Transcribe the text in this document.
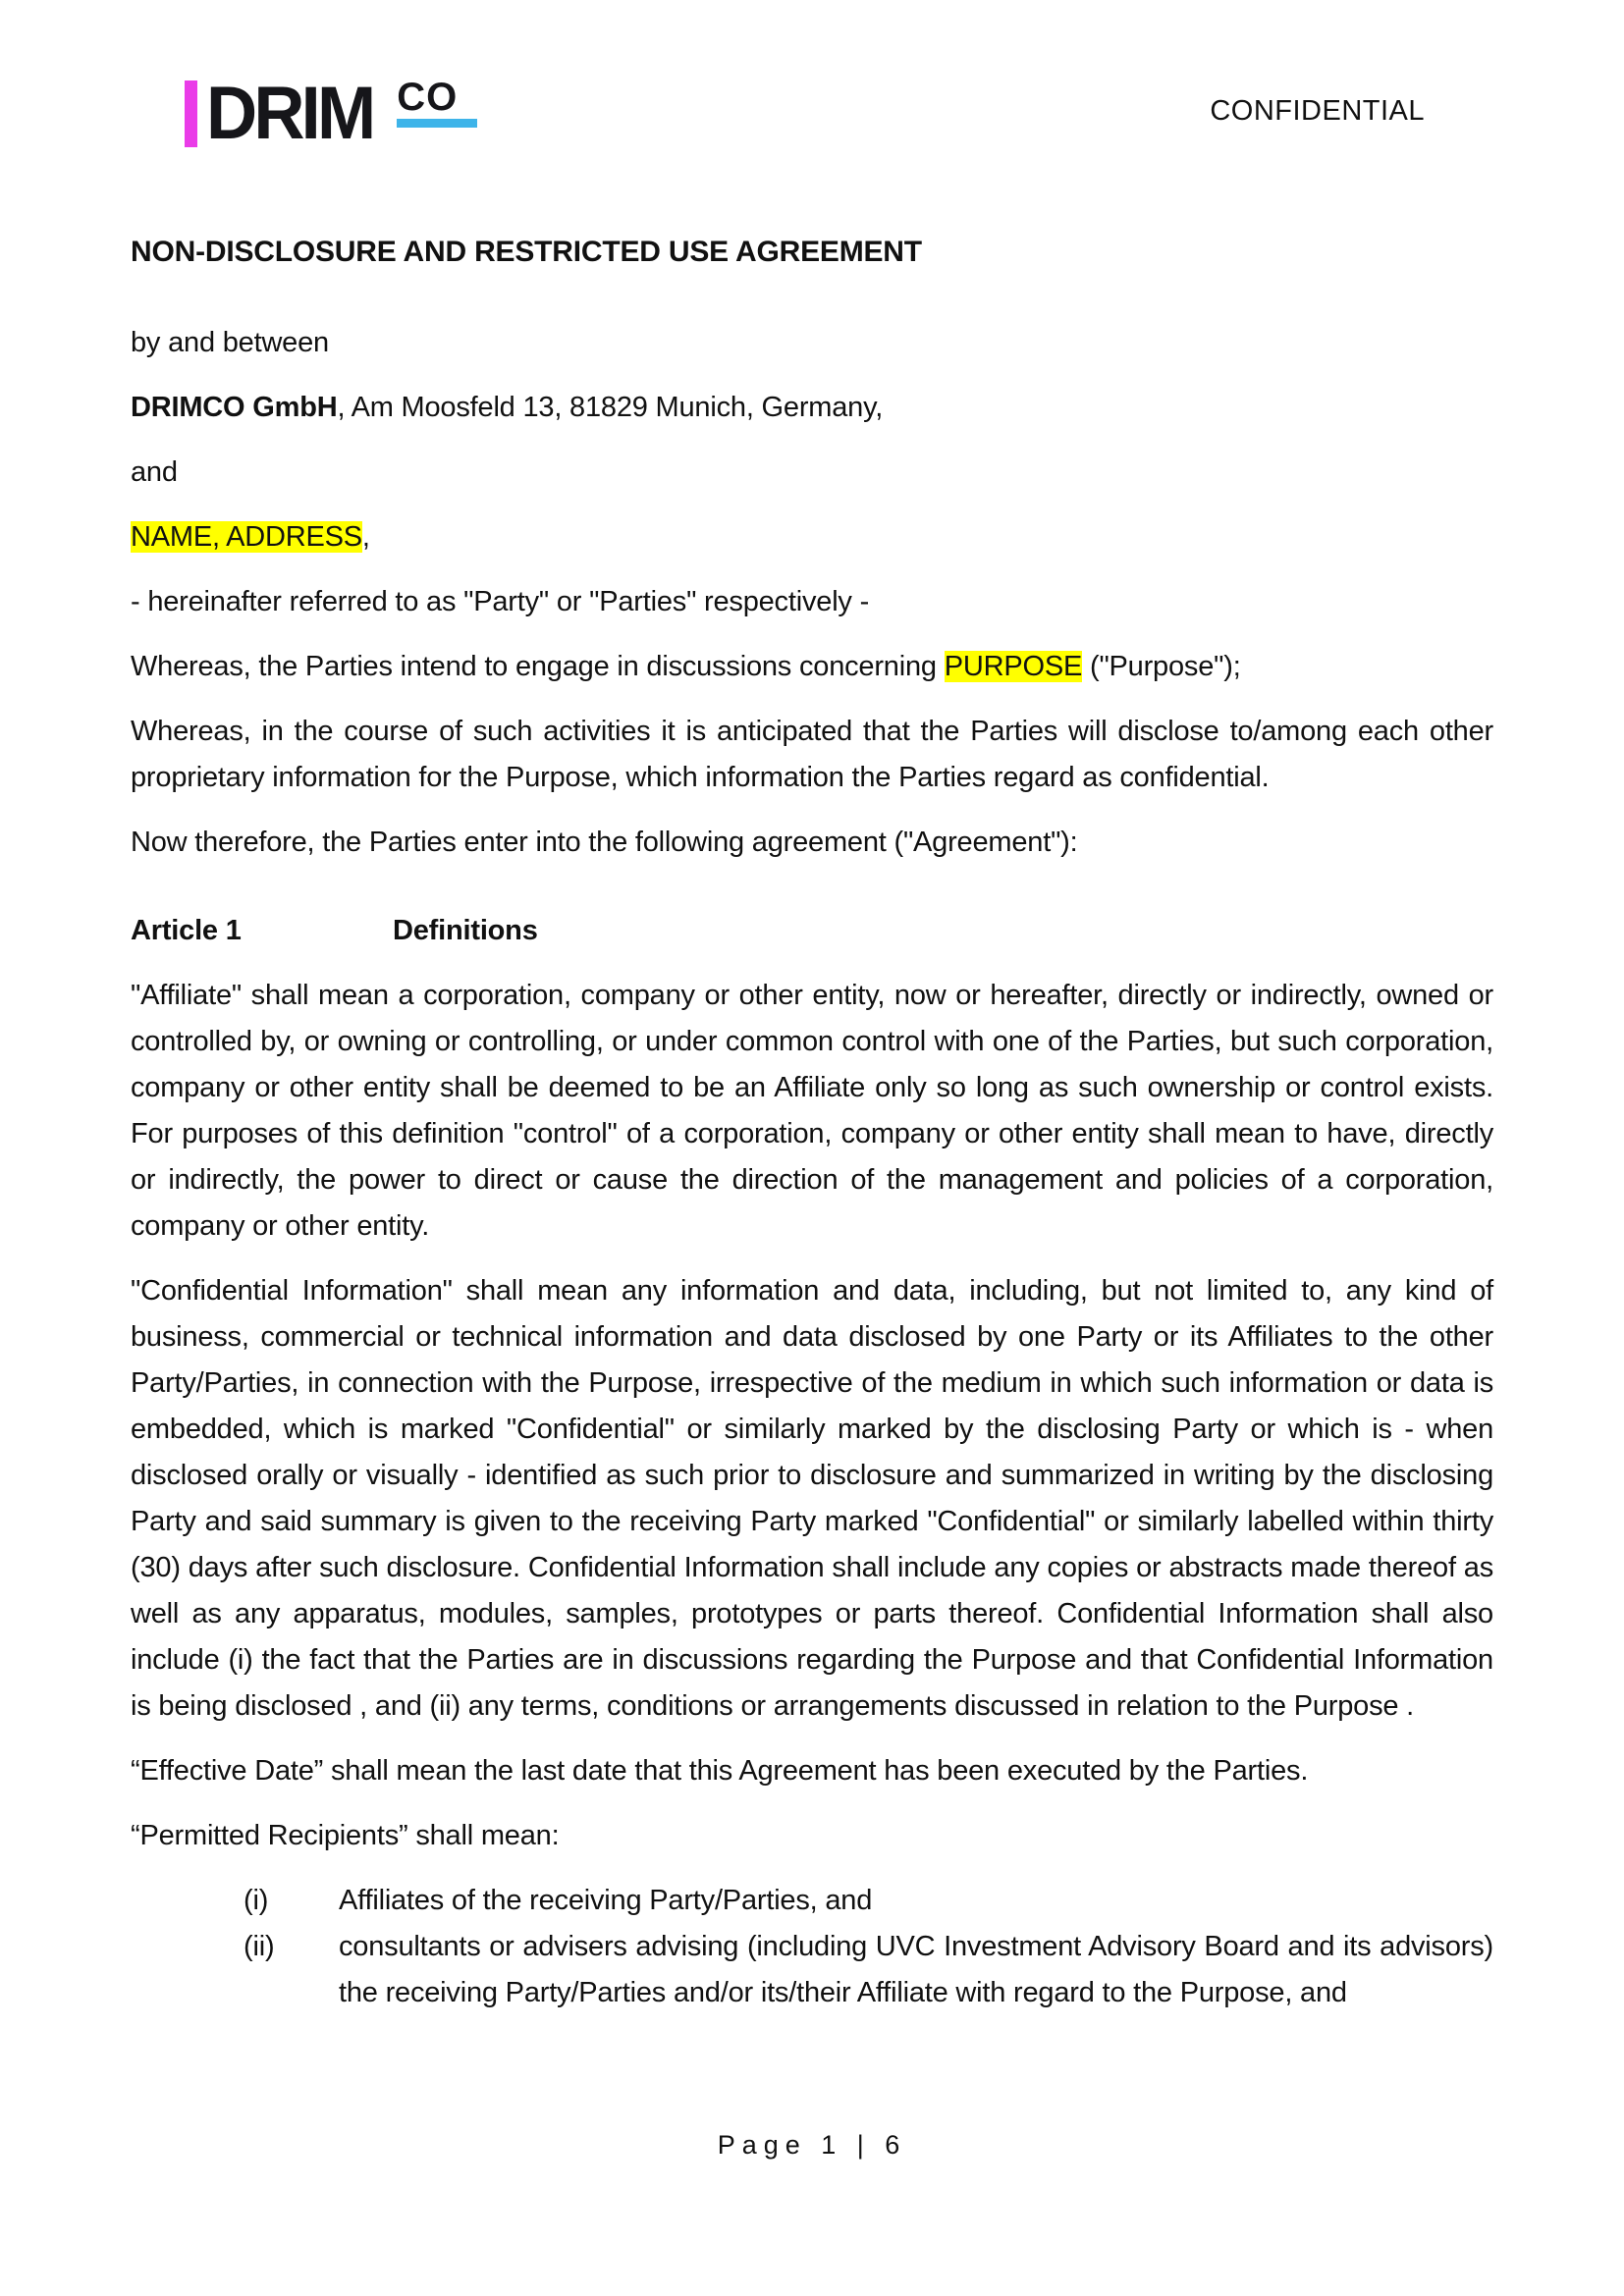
DRIM CO	CONFIDENTIAL
NON-DISCLOSURE AND RESTRICTED USE AGREEMENT

by and between

DRIMCO GmbH, Am Moosfeld 13, 81829 Munich, Germany,

and

NAME, ADDRESS,

- hereinafter referred to as "Party" or "Parties" respectively -

Whereas, the Parties intend to engage in discussions concerning PURPOSE ("Purpose");

Whereas, in the course of such activities it is anticipated that the Parties will disclose to/among each other proprietary information for the Purpose, which information the Parties regard as confidential.

Now therefore, the Parties enter into the following agreement ("Agreement"):

Article 1	Definitions

"Affiliate" shall mean a corporation, company or other entity, now or hereafter, directly or indirectly, owned or controlled by, or owning or controlling, or under common control with one of the Parties, but such corporation, company or other entity shall be deemed to be an Affiliate only so long as such ownership or control exists. For purposes of this definition "control" of a corporation, company or other entity shall mean to have, directly or indirectly, the power to direct or cause the direction of the management and policies of a corporation, company or other entity.

"Confidential Information" shall mean any information and data, including, but not limited to, any kind of business, commercial or technical information and data disclosed by one Party or its Affiliates to the other Party/Parties, in connection with the Purpose, irrespective of the medium in which such information or data is embedded, which is marked "Confidential" or similarly marked by the disclosing Party or which is - when disclosed orally or visually - identified as such prior to disclosure and summarized in writing by the disclosing Party and said summary is given to the receiving Party marked "Confidential" or similarly labelled within thirty (30) days after such disclosure. Confidential Information shall include any copies or abstracts made thereof as well as any apparatus, modules, samples, prototypes or parts thereof. Confidential Information shall also include (i) the fact that the Parties are in discussions regarding the Purpose and that Confidential Information is being disclosed , and (ii) any terms, conditions or arrangements discussed in relation to the Purpose .

“Effective Date” shall mean the last date that this Agreement has been executed by the Parties.

“Permitted Recipients” shall mean:

(i)	Affiliates of the receiving Party/Parties, and
(ii)	consultants or advisers advising (including UVC Investment Advisory Board and its advisors) the receiving Party/Parties and/or its/their Affiliate with regard to the Purpose, and
Page 1 | 6
